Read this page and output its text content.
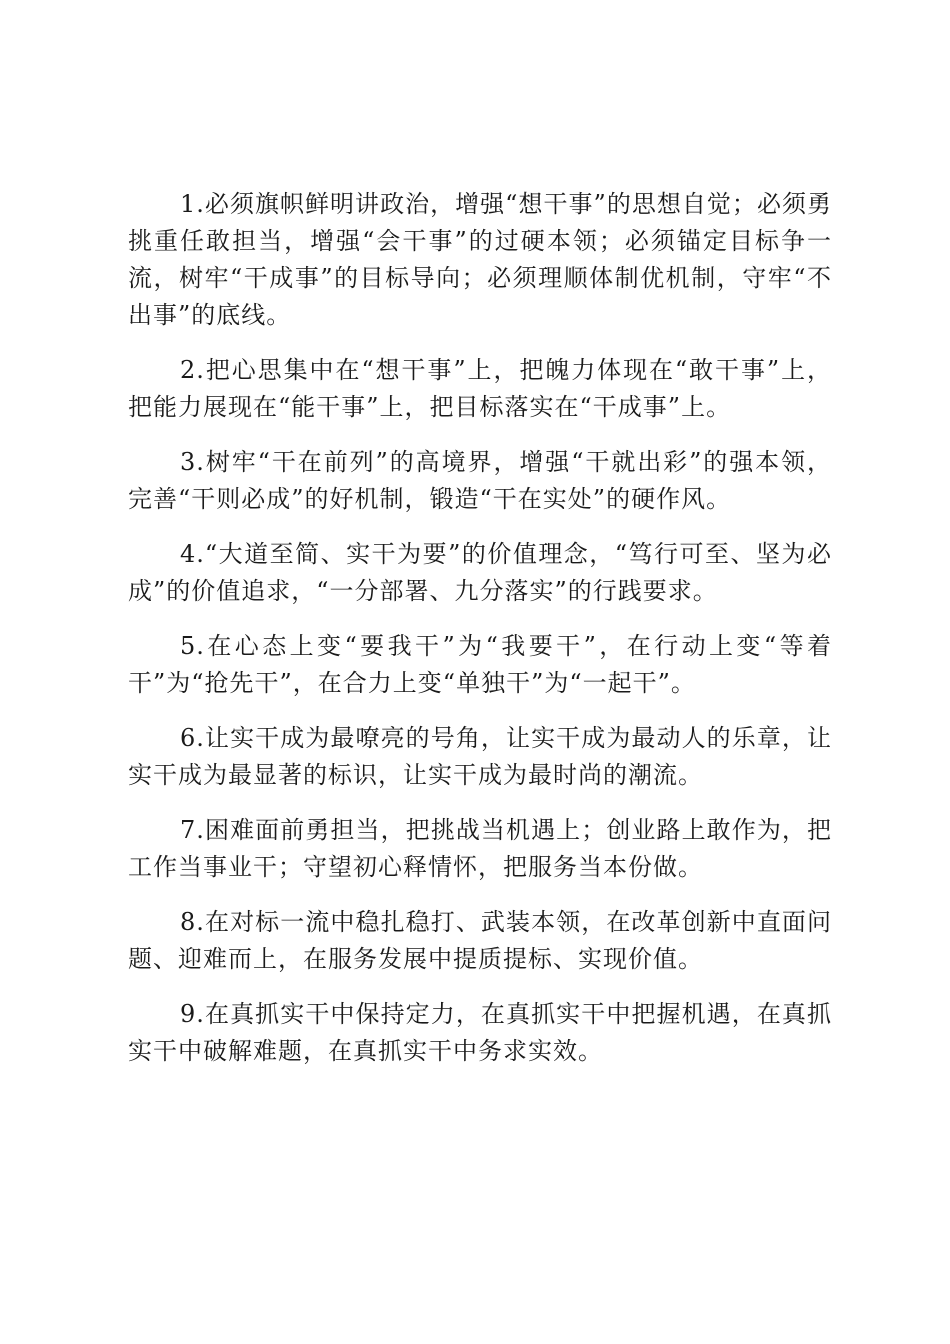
1.必须旗帜鲜明讲政治，增强“想干事”的思想自觉；必须勇挑重任敢担当，增强“会干事”的过硬本领；必须锚定目标争一流，树牢“干成事”的目标导向；必须理顺体制优机制，守牢“不出事”的底线。

2.把心思集中在“想干事”上，把魄力体现在“敢干事”上，把能力展现在“能干事”上，把目标落实在“干成事”上。

3.树牢“干在前列”的高境界，增强“干就出彩”的强本领，完善“干则必成”的好机制，锻造“干在实处”的硬作风。

4.“大道至简、实干为要”的价值理念，“笃行可至、坚为必成”的价值追求，“一分部署、九分落实”的行践要求。

5.在心态上变“要我干”为“我要干”，在行动上变“等着干”为“抢先干”，在合力上变“单独干”为“一起干”。

6.让实干成为最嘹亮的号角，让实干成为最动人的乐章，让实干成为最显著的标识，让实干成为最时尚的潮流。

7.困难面前勇担当，把挑战当机遇上；创业路上敢作为，把工作当事业干；守望初心释情怀，把服务当本份做。

8.在对标一流中稳扎稳打、武装本领，在改革创新中直面问题、迎难而上，在服务发展中提质提标、实现价值。

9.在真抓实干中保持定力，在真抓实干中把握机遇，在真抓实干中破解难题，在真抓实干中务求实效。
